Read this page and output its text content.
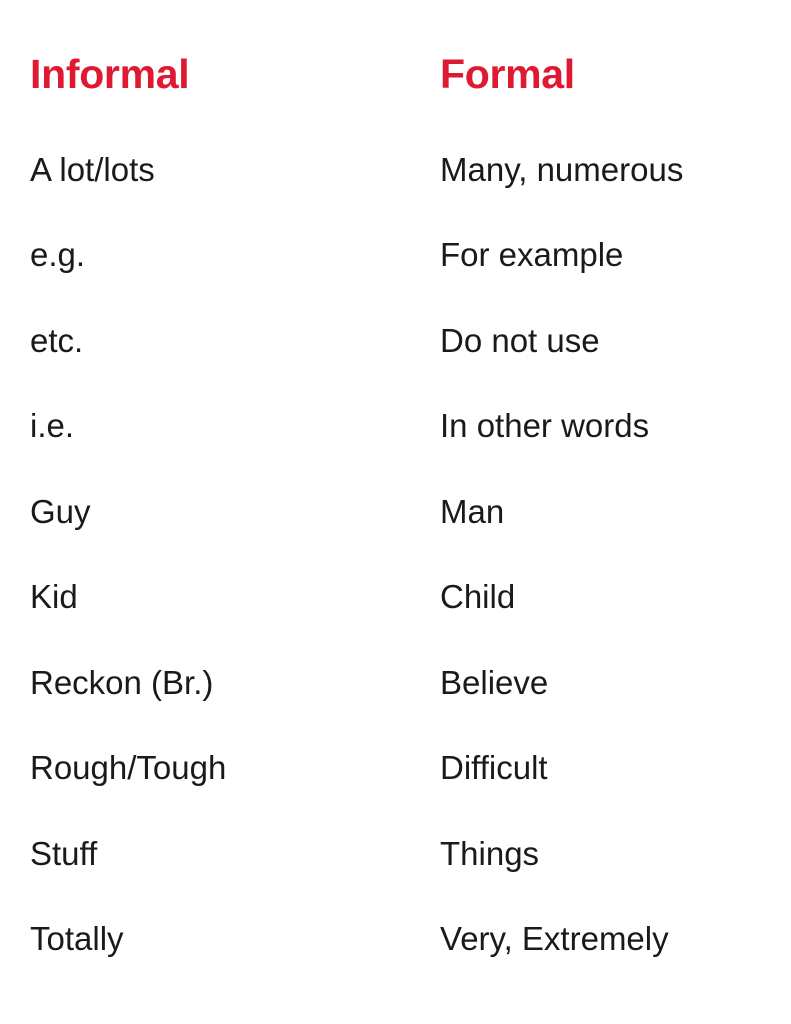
Informal	Formal
A lot/lots	Many, numerous
e.g.	For example
etc.	Do not use
i.e.	In other words
Guy	Man
Kid	Child
Reckon (Br.)	Believe
Rough/Tough	Difficult
Stuff	Things
Totally	Very, Extremely
